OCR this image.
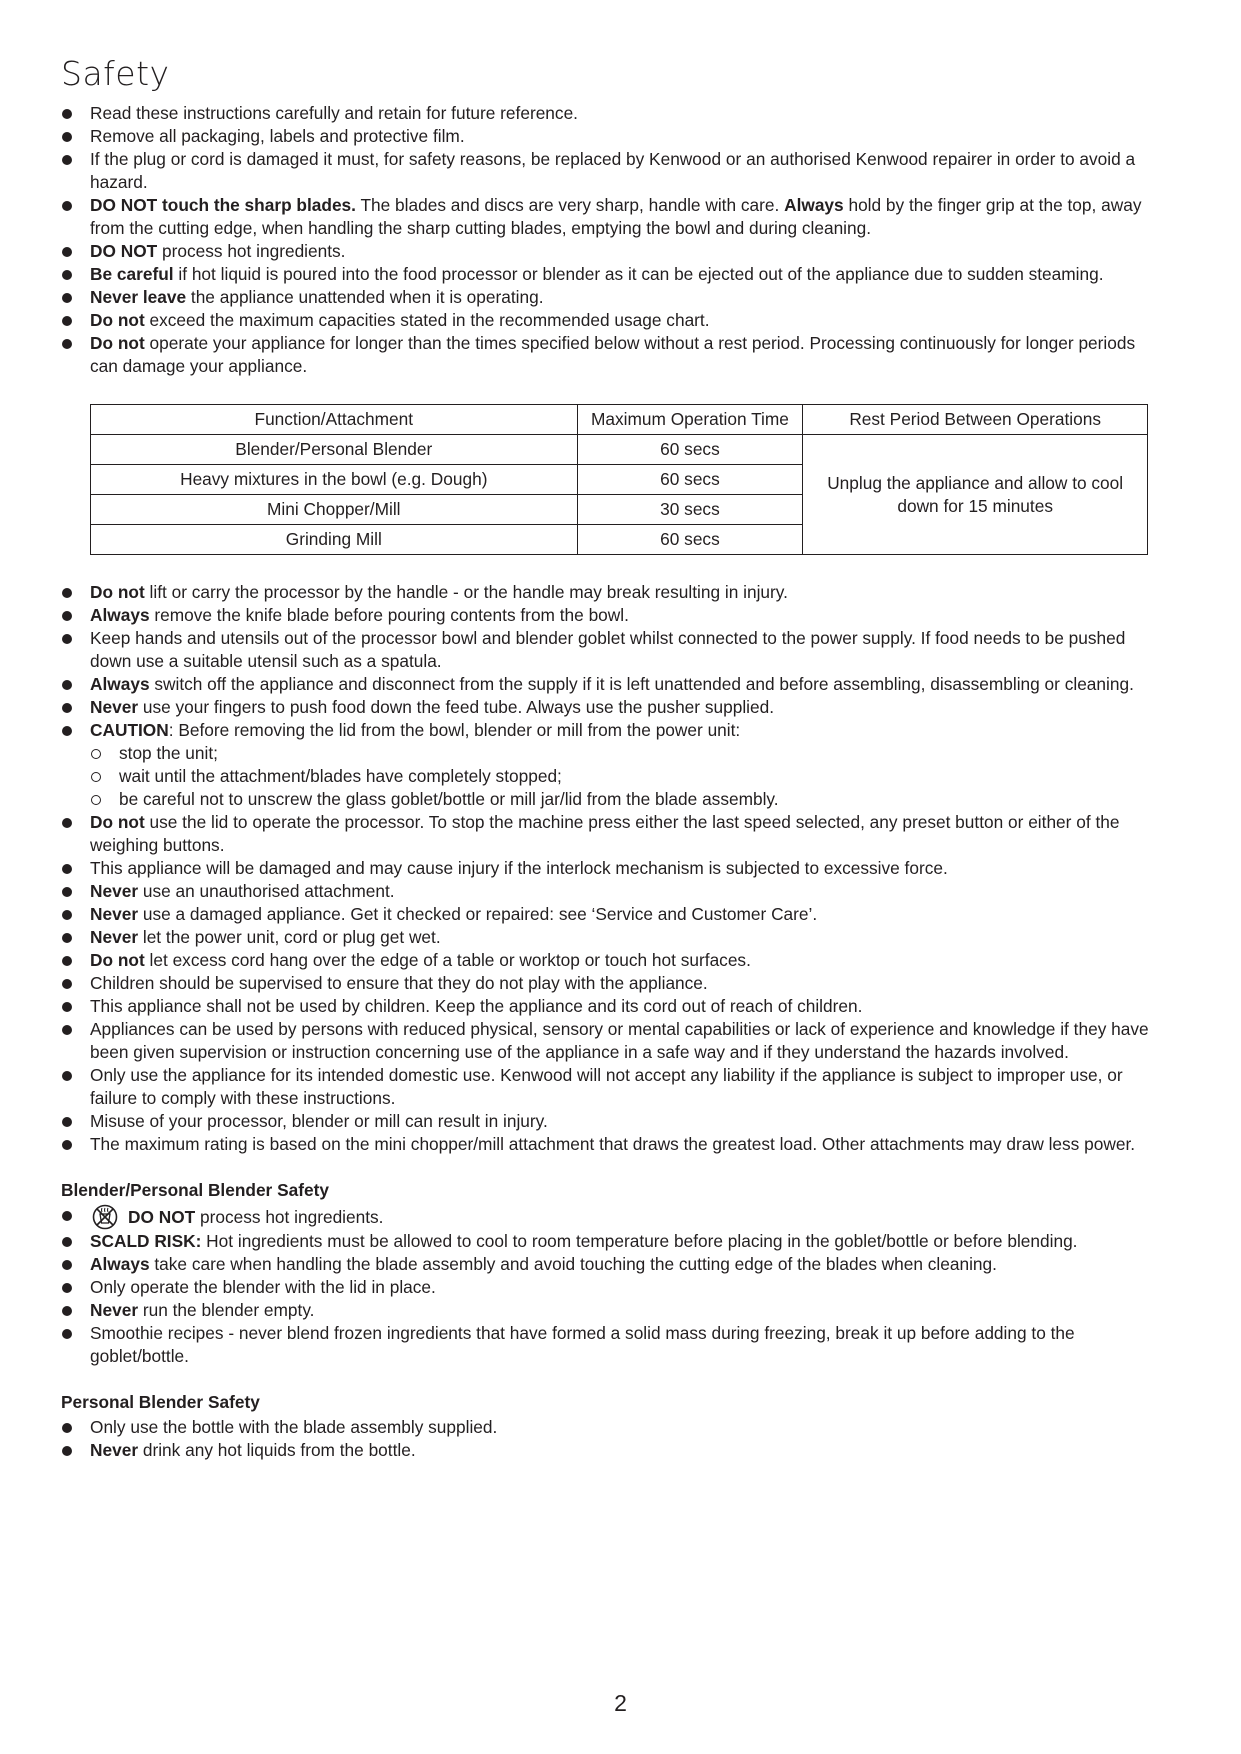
Safety
Read these instructions carefully and retain for future reference.
Remove all packaging, labels and protective film.
If the plug or cord is damaged it must, for safety reasons, be replaced by Kenwood or an authorised Kenwood repairer in order to avoid a hazard.
DO NOT touch the sharp blades. The blades and discs are very sharp, handle with care. Always hold by the finger grip at the top, away from the cutting edge, when handling the sharp cutting blades, emptying the bowl and during cleaning.
DO NOT process hot ingredients.
Be careful if hot liquid is poured into the food processor or blender as it can be ejected out of the appliance due to sudden steaming.
Never leave the appliance unattended when it is operating.
Do not exceed the maximum capacities stated in the recommended usage chart.
Do not operate your appliance for longer than the times specified below without a rest period. Processing continuously for longer periods can damage your appliance.
Function/Attachment	Maximum Operation Time	Rest Period Between Operations
Blender/Personal Blender	60 secs	Unplug the appliance and allow to cool down for 15 minutes
Heavy mixtures in the bowl (e.g. Dough)	60 secs	
Mini Chopper/Mill	30 secs	
Grinding Mill	60 secs	
Do not lift or carry the processor by the handle - or the handle may break resulting in injury.
Always remove the knife blade before pouring contents from the bowl.
Keep hands and utensils out of the processor bowl and blender goblet whilst connected to the power supply. If food needs to be pushed down use a suitable utensil such as a spatula.
Always switch off the appliance and disconnect from the supply if it is left unattended and before assembling, disassembling or cleaning.
Never use your fingers to push food down the feed tube. Always use the pusher supplied.
CAUTION: Before removing the lid from the bowl, blender or mill from the power unit:
stop the unit;
wait until the attachment/blades have completely stopped;
be careful not to unscrew the glass goblet/bottle or mill jar/lid from the blade assembly.
Do not use the lid to operate the processor. To stop the machine press either the last speed selected, any preset button or either of the weighing buttons.
This appliance will be damaged and may cause injury if the interlock mechanism is subjected to excessive force.
Never use an unauthorised attachment.
Never use a damaged appliance. Get it checked or repaired: see ‘Service and Customer Care’.
Never let the power unit, cord or plug get wet.
Do not let excess cord hang over the edge of a table or worktop or touch hot surfaces.
Children should be supervised to ensure that they do not play with the appliance.
This appliance shall not be used by children. Keep the appliance and its cord out of reach of children.
Appliances can be used by persons with reduced physical, sensory or mental capabilities or lack of experience and knowledge if they have been given supervision or instruction concerning use of the appliance in a safe way and if they understand the hazards involved.
Only use the appliance for its intended domestic use. Kenwood will not accept any liability if the appliance is subject to improper use, or failure to comply with these instructions.
Misuse of your processor, blender or mill can result in injury.
The maximum rating is based on the mini chopper/mill attachment that draws the greatest load. Other attachments may draw less power.
Blender/Personal Blender Safety
DO NOT process hot ingredients.
SCALD RISK: Hot ingredients must be allowed to cool to room temperature before placing in the goblet/bottle or before blending.
Always take care when handling the blade assembly and avoid touching the cutting edge of the blades when cleaning.
Only operate the blender with the lid in place.
Never run the blender empty.
Smoothie recipes - never blend frozen ingredients that have formed a solid mass during freezing, break it up before adding to the goblet/bottle.
Personal Blender Safety
Only use the bottle with the blade assembly supplied.
Never drink any hot liquids from the bottle.
2
